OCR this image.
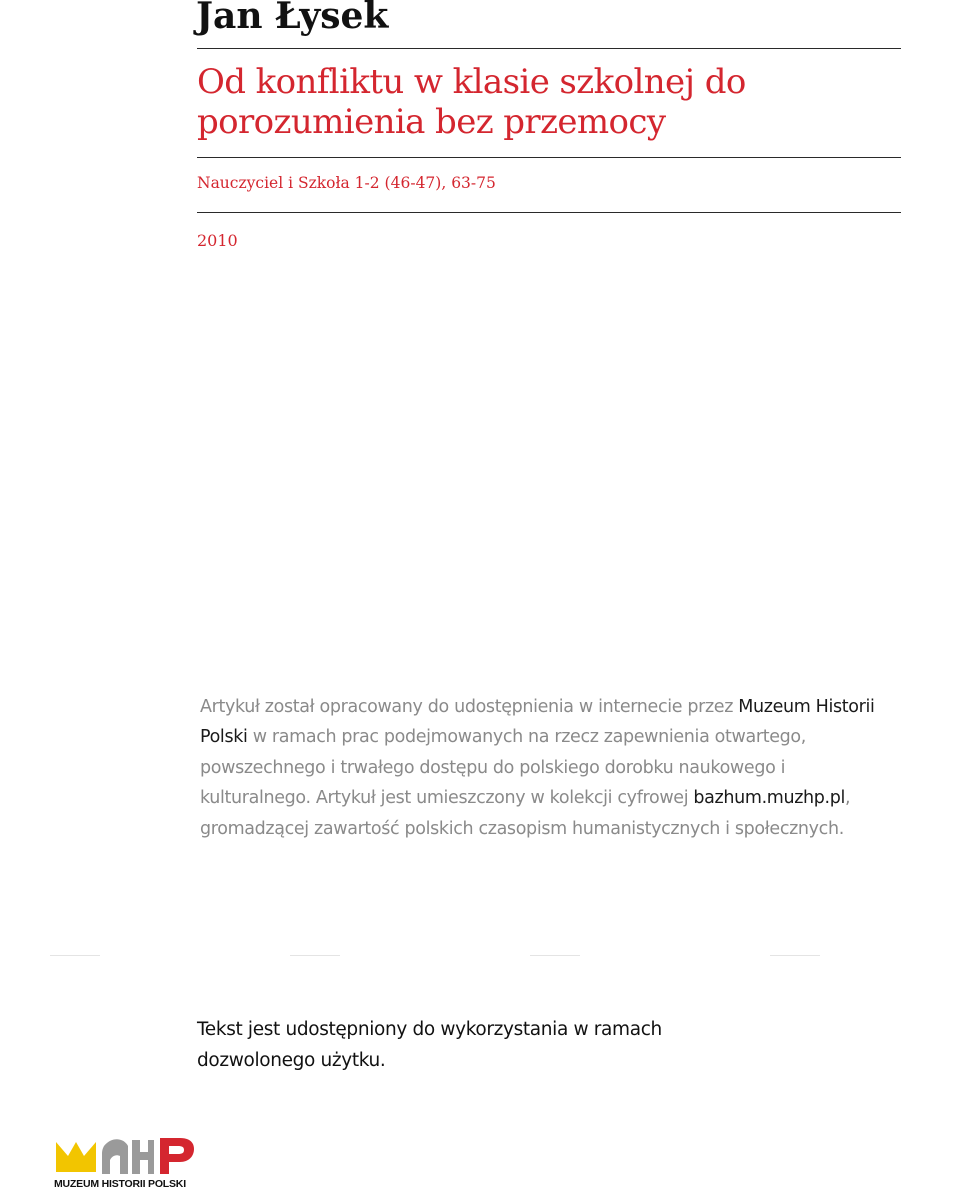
Jan Łysek
Od konfliktu w klasie szkolnej do
porozumienia bez przemocy
Nauczyciel i Szkoła 1-2 (46-47), 63-75
2010
Artykuł został opracowany do udostępnienia w internecie przez Muzeum Historii Polski w ramach prac podejmowanych na rzecz zapewnienia otwartego, powszechnego i trwałego dostępu do polskiego dorobku naukowego i kulturalnego. Artykuł jest umieszczony w kolekcji cyfrowej bazhum.muzhp.pl, gromadzącej zawartość polskich czasopism humanistycznych i społecznych.
Tekst jest udostępniony do wykorzystania w ramach
dozwolonego użytku.
MUZEUM HISTORII POLSKI
